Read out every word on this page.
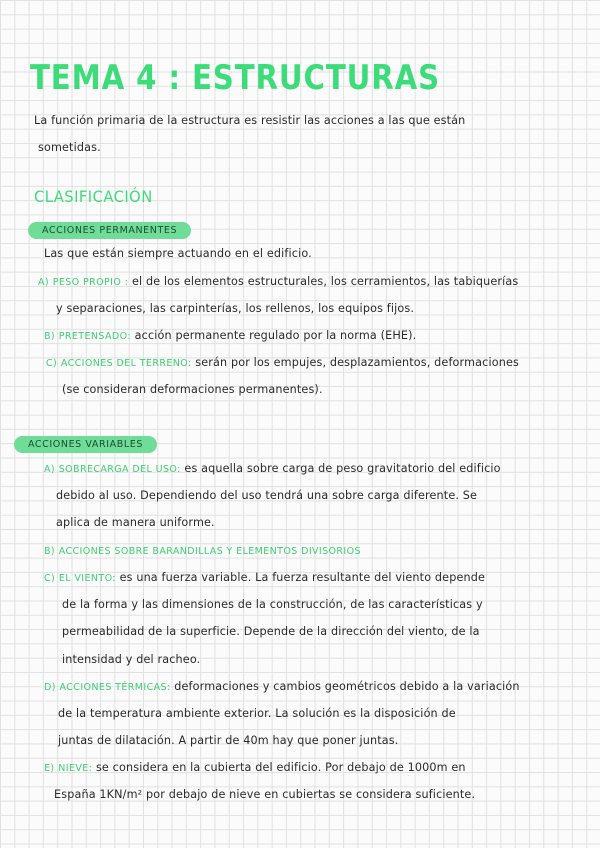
TEMA 4 : ESTRUCTURAS
La función primaria de la estructura es resistir las acciones a las que están
sometidas.
CLASIFICACIÓN
ACCIONES PERMANENTES
Las que están siempre actuando en el edificio.
A) PESO PROPIO : el de los elementos estructurales, los cerramientos, las tabiquerías
y separaciones, las carpinterías, los rellenos, los equipos fijos.
B) PRETENSADO: acción permanente regulado por la norma (EHE).
C) ACCIONES DEL TERRENO: serán por los empujes, desplazamientos, deformaciones
(se consideran deformaciones permanentes).
ACCIONES VARIABLES
A) SOBRECARGA DEL USO: es aquella sobre carga de peso gravitatorio del edificio
debido al uso. Dependiendo del uso tendrá una sobre carga diferente. Se
aplica de manera uniforme.
B) ACCIONES SOBRE BARANDILLAS Y ELEMENTOS DIVISORIOS
C) EL VIENTO: es una fuerza variable. La fuerza resultante del viento depende
de la forma y las dimensiones de la construcción, de las características y
permeabilidad de la superficie. Depende de la dirección del viento, de la
intensidad y del racheo.
D) ACCIONES TÉRMICAS: deformaciones y cambios geométricos debido a la variación
de la temperatura ambiente exterior. La solución es la disposición de
juntas de dilatación. A partir de 40m hay que poner juntas.
E) NIEVE: se considera en la cubierta del edificio. Por debajo de 1000m en
España 1KN/m² por debajo de nieve en cubiertas se considera suficiente.
